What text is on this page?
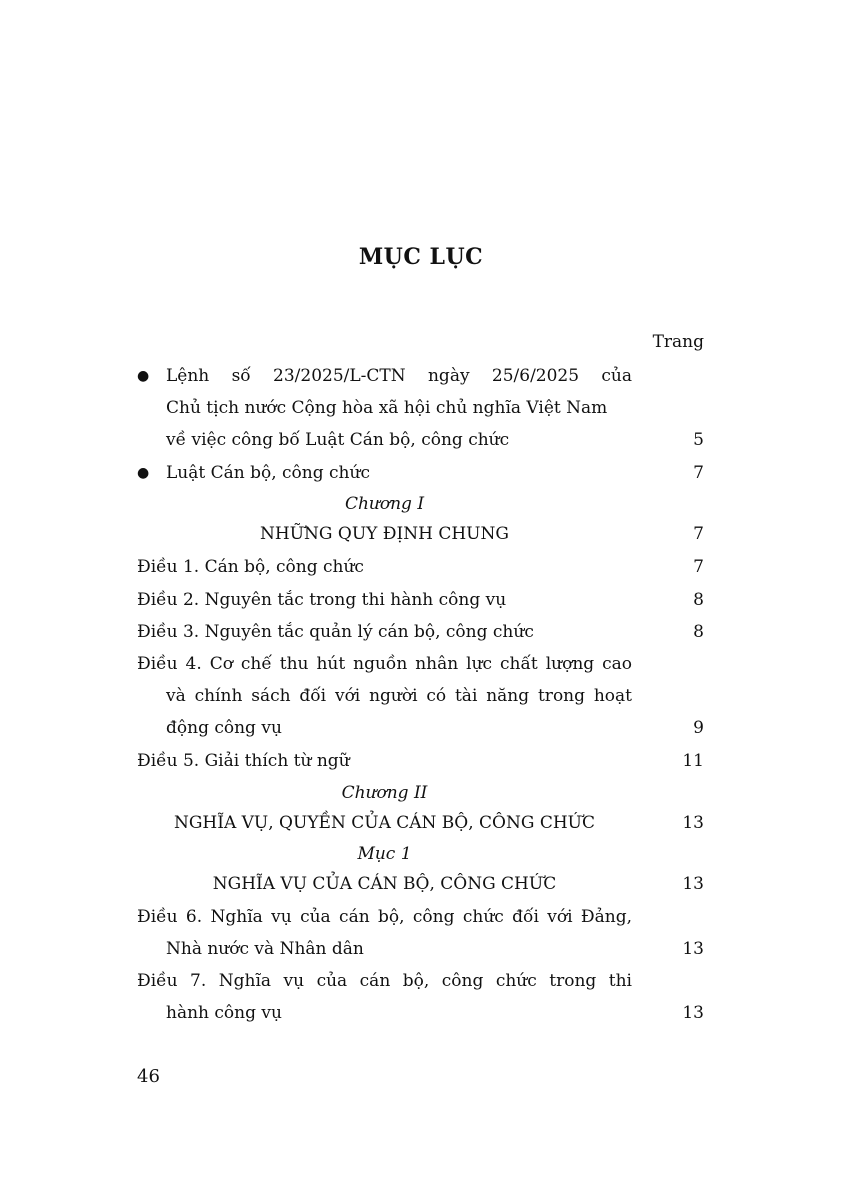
MỤC LỤC
Trang
● Lệnh số 23/2025/L-CTN ngày 25/6/2025 của
Chủ tịch nước Cộng hòa xã hội chủ nghĩa Việt Nam
về việc công bố Luật Cán bộ, công chức	5
● Luật Cán bộ, công chức	7
Chương I
NHỮNG QUY ĐỊNH CHUNG	7
Điều 1. Cán bộ, công chức	7
Điều 2. Nguyên tắc trong thi hành công vụ	8
Điều 3. Nguyên tắc quản lý cán bộ, công chức	8
Điều 4. Cơ chế thu hút nguồn nhân lực chất lượng cao
và chính sách đối với người có tài năng trong hoạt
động công vụ	9
Điều 5. Giải thích từ ngữ	11
Chương II
NGHĨA VỤ, QUYỀN CỦA CÁN BỘ, CÔNG CHỨC	13
Mục 1
NGHĨA VỤ CỦA CÁN BỘ, CÔNG CHỨC	13
Điều 6. Nghĩa vụ của cán bộ, công chức đối với Đảng,
Nhà nước và Nhân dân	13
Điều 7. Nghĩa vụ của cán bộ, công chức trong thi
hành công vụ	13
46
